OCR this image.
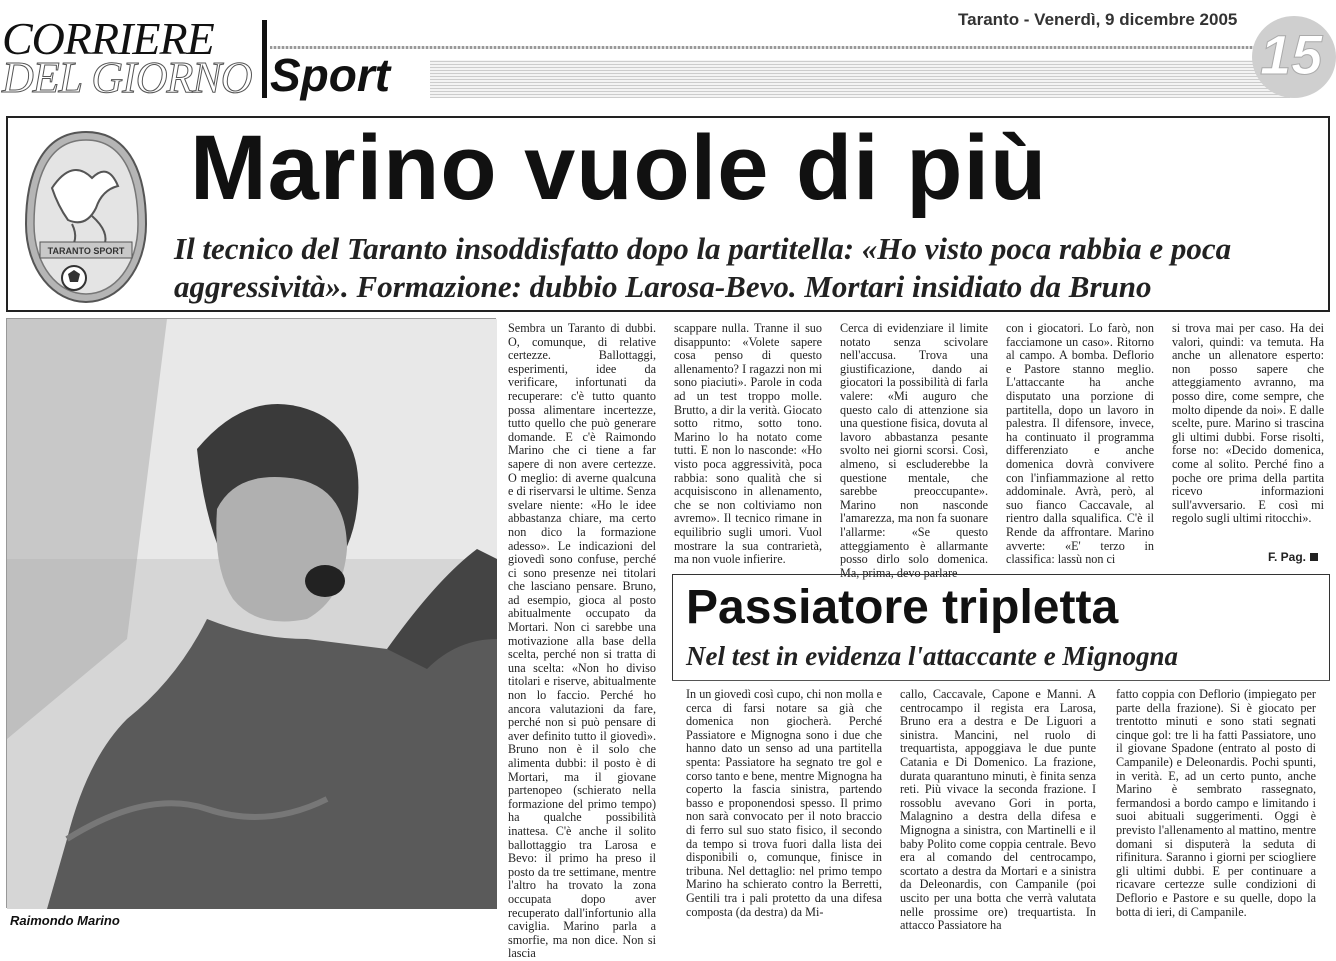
CORRIERE
DEL GIORNO Sport
Taranto - Venerdì, 9 dicembre 2005
15
TARANTO SPORT
Marino vuole di più
Il tecnico del Taranto insoddisfatto dopo la partitella: «Ho visto poca rabbia e poca aggressività». Formazione: dubbio Larosa-Bevo. Mortari insidiato da Bruno
Raimondo Marino
Sembra un Taranto di dubbi. O, comunque, di relative certezze. Ballottaggi, esperimenti, idee da verificare, infortunati da recuperare: c'è tutto quanto possa alimentare incertezze, tutto quello che può generare domande. E c'è Raimondo Marino che ci tiene a far sapere di non avere certezze. O meglio: di averne qualcuna e di riservarsi le ultime. Senza svelare niente: «Ho le idee abbastanza chiare, ma certo non dico la formazione adesso». Le indicazioni del giovedì sono confuse, perché ci sono presenze nei titolari che lasciano pensare. Bruno, ad esempio, gioca al posto abitualmente occupato da Mortari. Non ci sarebbe una motivazione alla base della scelta, perché non si tratta di una scelta: «Non ho diviso titolari e riserve, abitualmente non lo faccio. Perché ho ancora valutazioni da fare, perché non si può pensare di aver definito tutto il giovedì». Bruno non è il solo che alimenta dubbi: il posto è di Mortari, ma il giovane partenopeo (schierato nella formazione del primo tempo) ha qualche possibilità inattesa. C'è anche il solito ballottaggio tra Larosa e Bevo: il primo ha preso il posto da tre settimane, mentre l'altro ha trovato la zona occupata dopo aver recuperato dall'infortunio alla caviglia. Marino parla a smorfie, ma non dice. Non si lascia
scappare nulla. Tranne il suo disappunto: «Volete sapere cosa penso di questo allenamento? I ragazzi non mi sono piaciuti». Parole in coda ad un test troppo molle. Brutto, a dir la verità. Giocato sotto ritmo, sotto tono. Marino lo ha notato come tutti. E non lo nasconde: «Ho visto poca aggressività, poca rabbia: sono qualità che si acquisiscono in allenamento, che se non coltiviamo non avremo». Il tecnico rimane in equilibrio sugli umori. Vuol mostrare la sua contrarietà, ma non vuole infierire.
Cerca di evidenziare il limite notato senza scivolare nell'accusa. Trova una giustificazione, dando ai giocatori la possibilità di farla valere: «Mi auguro che questo calo di attenzione sia una questione fisica, dovuta al lavoro abbastanza pesante svolto nei giorni scorsi. Così, almeno, si escluderebbe la questione mentale, che sarebbe preoccupante». Marino non nasconde l'amarezza, ma non fa suonare l'allarme: «Se questo atteggiamento è allarmante posso dirlo solo domenica. Ma, prima, devo parlare
con i giocatori. Lo farò, non facciamone un caso». Ritorno al campo. A bomba. Deflorio e Pastore stanno meglio. L'attaccante ha anche disputato una porzione di partitella, dopo un lavoro in palestra. Il difensore, invece, ha continuato il programma differenziato e anche domenica dovrà convivere con l'infiammazione al retto addominale. Avrà, però, al suo fianco Caccavale, al rientro dalla squalifica. C'è il Rende da affrontare. Marino avverte: «E' terzo in classifica: lassù non ci
si trova mai per caso. Ha dei valori, quindi: va temuta. Ha anche un allenatore esperto: non posso sapere che atteggiamento avranno, ma posso dire, come sempre, che molto dipende da noi». E dalle scelte, pure. Marino si trascina gli ultimi dubbi. Forse risolti, forse no: «Decido domenica, come al solito. Perché fino a poche ore prima della partita ricevo informazioni sull'avversario. E così mi regolo sugli ultimi ritocchi».
F. Pag.
Passiatore tripletta
Nel test in evidenza l'attaccante e Mignogna
In un giovedì così cupo, chi non molla e cerca di farsi notare sa già che domenica non giocherà. Perché Passiatore e Mignogna sono i due che hanno dato un senso ad una partitella spenta: Passiatore ha segnato tre gol e corso tanto e bene, mentre Mignogna ha coperto la fascia sinistra, partendo basso e proponendosi spesso. Il primo non sarà convocato per il noto braccio di ferro sul suo stato fisico, il secondo da tempo si trova fuori dalla lista dei disponibili o, comunque, finisce in tribuna. Nel dettaglio: nel primo tempo Marino ha schierato contro la Berretti, Gentili tra i pali protetto da una difesa composta (da destra) da Mi-
callo, Caccavale, Capone e Manni. A centrocampo il regista era Larosa, Bruno era a destra e De Liguori a sinistra. Mancini, nel ruolo di trequartista, appoggiava le due punte Catania e Di Domenico. La frazione, durata quarantuno minuti, è finita senza reti. Più vivace la seconda frazione. I rossoblu avevano Gori in porta, Malagnino a destra della difesa e Mignogna a sinistra, con Martinelli e il baby Polito come coppia centrale. Bevo era al comando del centrocampo, scortato a destra da Mortari e a sinistra da Deleonardis, con Campanile (poi uscito per una botta che verrà valutata nelle prossime ore) trequartista. In attacco Passiatore ha
fatto coppia con Deflorio (impiegato per parte della frazione). Si è giocato per trentotto minuti e sono stati segnati cinque gol: tre li ha fatti Passiatore, uno il giovane Spadone (entrato al posto di Campanile) e Deleonardis. Pochi spunti, in verità. E, ad un certo punto, anche Marino è sembrato rassegnato, fermandosi a bordo campo e limitando i suoi abituali suggerimenti. Oggi è previsto l'allenamento al mattino, mentre domani si disputerà la seduta di rifinitura. Saranno i giorni per sciogliere gli ultimi dubbi. E per continuare a ricavare certezze sulle condizioni di Deflorio e Pastore e su quelle, dopo la botta di ieri, di Campanile.
